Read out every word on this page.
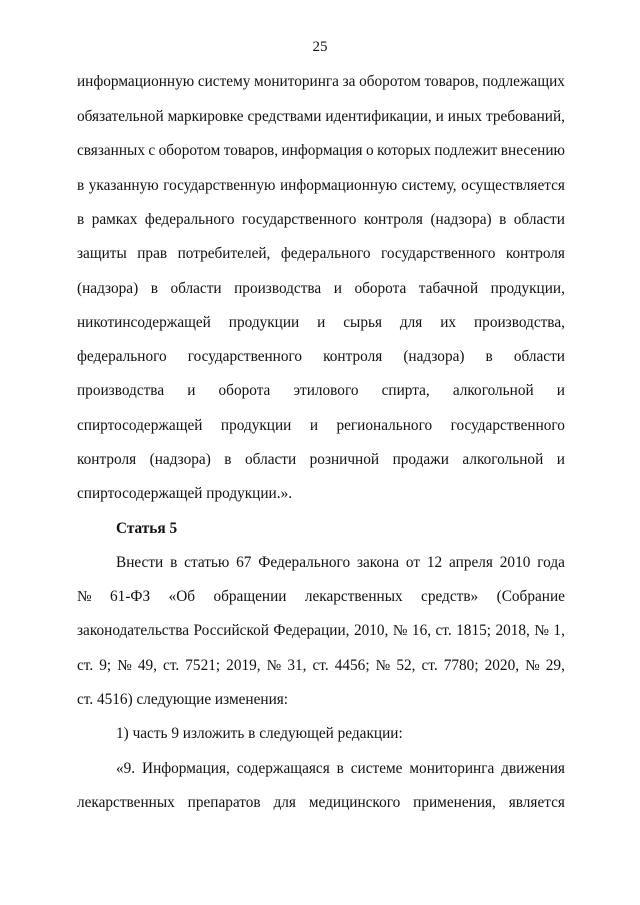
25
информационную систему мониторинга за оборотом товаров, подлежащих
обязательной маркировке средствами идентификации, и иных требований,
связанных с оборотом товаров, информация о которых подлежит внесению
в указанную государственную информационную систему, осуществляется
в рамках федерального государственного контроля (надзора) в области
защиты прав потребителей, федерального государственного контроля
(надзора) в области производства и оборота табачной продукции,
никотинсодержащей продукции и сырья для их производства,
федерального государственного контроля (надзора) в области
производства и оборота этилового спирта, алкогольной и
спиртосодержащей продукции и регионального государственного
контроля (надзора) в области розничной продажи алкогольной и
спиртосодержащей продукции.».
Статья 5
Внести в статью 67 Федерального закона от 12 апреля 2010 года
№ 61-ФЗ «Об обращении лекарственных средств» (Собрание
законодательства Российской Федерации, 2010, № 16, ст. 1815; 2018, № 1,
ст. 9; № 49, ст. 7521; 2019, № 31, ст. 4456; № 52, ст. 7780; 2020, № 29,
ст. 4516) следующие изменения:
1) часть 9 изложить в следующей редакции:
«9. Информация, содержащаяся в системе мониторинга движения
лекарственных препаратов для медицинского применения, является
